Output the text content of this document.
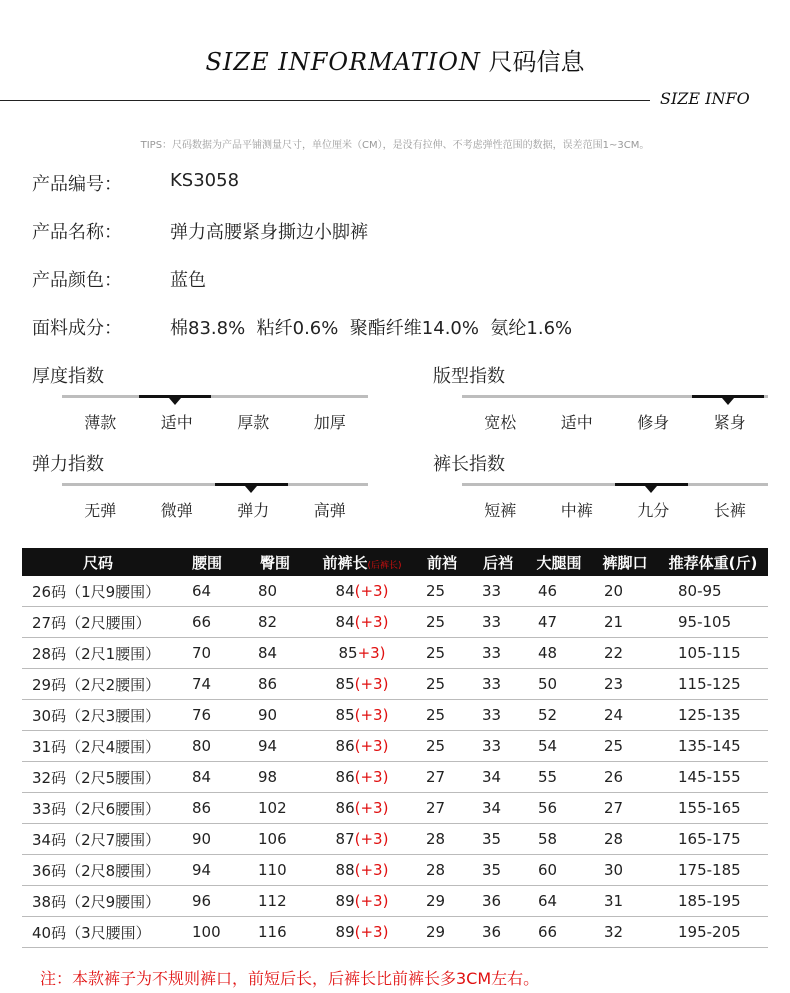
SIZE INFORMATION 尺码信息
SIZE INFO
TIPS：尺码数据为产品平铺测量尺寸，单位厘米（CM），是没有拉伸、不考虑弹性范围的数据，误差范围1~3CM。
产品编号：	KS3058
产品名称：	弹力高腰紧身撕边小脚裤
产品颜色：	蓝色
面料成分：	棉83.8%  粘纤0.6%  聚酯纤维14.0%  氨纶1.6%
厚度指数
薄款	适中	厚款	加厚
版型指数
宽松	适中	修身	紧身
弹力指数
无弹	微弹	弹力	高弹
裤长指数
短裤	中裤	九分	长裤
尺码	腰围	臀围	前裤长(后裤长)	前裆	后裆	大腿围	裤脚口	推荐体重(斤)
26码（1尺9腰围）	64	80	84(+3)	25	33	46	20	80-95
27码（2尺腰围）	66	82	84(+3)	25	33	47	21	95-105
28码（2尺1腰围）	70	84	85+3)	25	33	48	22	105-115
29码（2尺2腰围）	74	86	85(+3)	25	33	50	23	115-125
30码（2尺3腰围）	76	90	85(+3)	25	33	52	24	125-135
31码（2尺4腰围）	80	94	86(+3)	25	33	54	25	135-145
32码（2尺5腰围）	84	98	86(+3)	27	34	55	26	145-155
33码（2尺6腰围）	86	102	86(+3)	27	34	56	27	155-165
34码（2尺7腰围）	90	106	87(+3)	28	35	58	28	165-175
36码（2尺8腰围）	94	110	88(+3)	28	35	60	30	175-185
38码（2尺9腰围）	96	112	89(+3)	29	36	64	31	185-195
40码（3尺腰围）	100	116	89(+3)	29	36	66	32	195-205
注：本款裤子为不规则裤口，前短后长，后裤长比前裤长多3CM左右。
